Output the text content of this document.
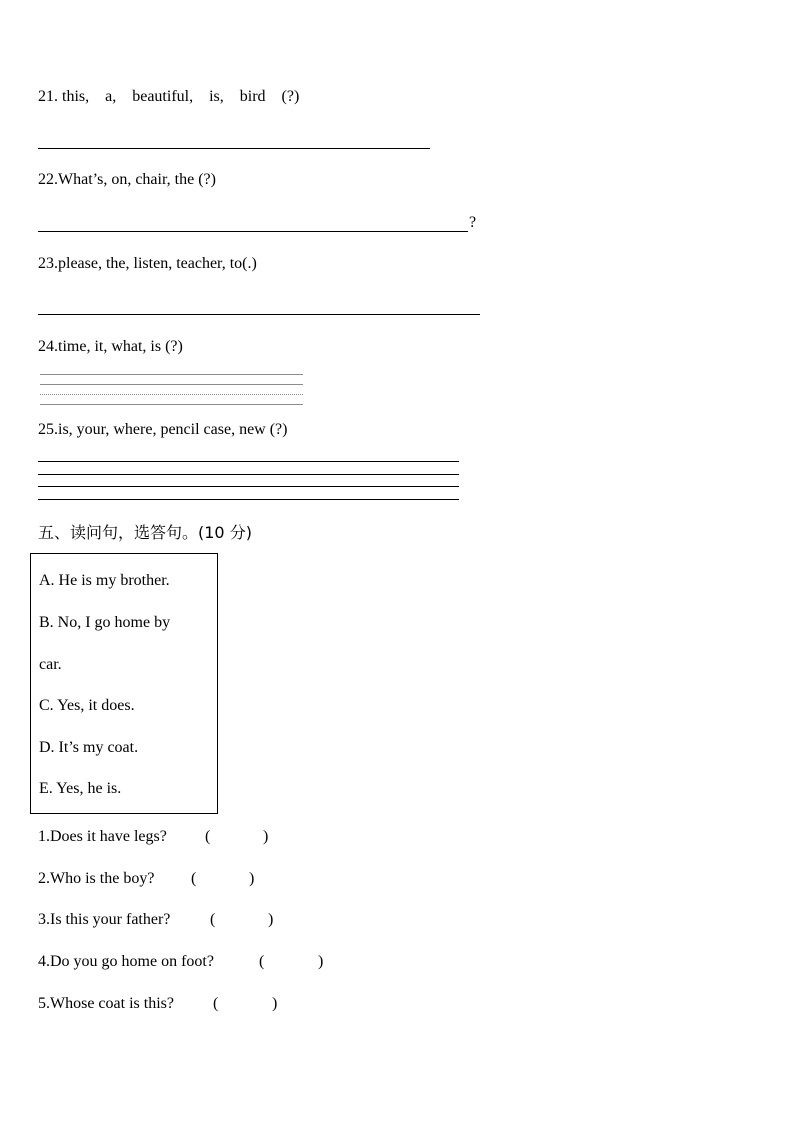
21. this,    a,    beautiful,    is,    bird    (?)
22.What’s, on, chair, the (?)
?
23.please, the, listen, teacher, to(.)
24.time, it, what, is (?)
25.is, your, where, pencil case, new (?)
五、读问句，选答句。(10 分)
A. He is my brother.
B. No, I go home by
car.
C. Yes, it does.
D. It’s my coat.
E. Yes, he is.
1.Does it have legs? (	)
2.Who is the boy? (	)
3.Is this your father? (	)
4.Do you go home on foot?	(	)
5.Whose coat is this? (	)
